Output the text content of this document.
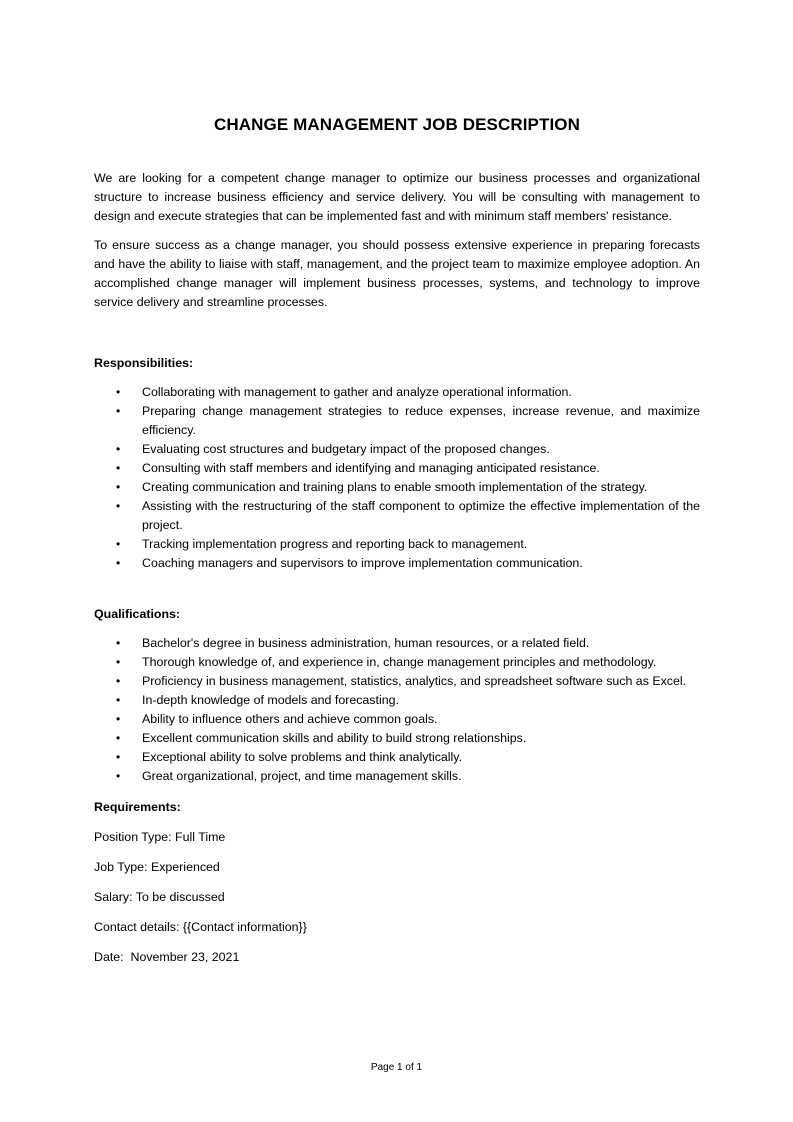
CHANGE MANAGEMENT JOB DESCRIPTION

We are looking for a competent change manager to optimize our business processes and organizational structure to increase business efficiency and service delivery. You will be consulting with management to design and execute strategies that can be implemented fast and with minimum staff members' resistance.

To ensure success as a change manager, you should possess extensive experience in preparing forecasts and have the ability to liaise with staff, management, and the project team to maximize employee adoption. An accomplished change manager will implement business processes, systems, and technology to improve service delivery and streamline processes.

Responsibilities:
• Collaborating with management to gather and analyze operational information.
• Preparing change management strategies to reduce expenses, increase revenue, and maximize efficiency.
• Evaluating cost structures and budgetary impact of the proposed changes.
• Consulting with staff members and identifying and managing anticipated resistance.
• Creating communication and training plans to enable smooth implementation of the strategy.
• Assisting with the restructuring of the staff component to optimize the effective implementation of the project.
• Tracking implementation progress and reporting back to management.
• Coaching managers and supervisors to improve implementation communication.
Qualifications:
• Bachelor's degree in business administration, human resources, or a related field.
• Thorough knowledge of, and experience in, change management principles and methodology.
• Proficiency in business management, statistics, analytics, and spreadsheet software such as Excel.
• In-depth knowledge of models and forecasting.
• Ability to influence others and achieve common goals.
• Excellent communication skills and ability to build strong relationships.
• Exceptional ability to solve problems and think analytically.
• Great organizational, project, and time management skills.
Requirements:

Position Type: Full Time

Job Type: Experienced

Salary: To be discussed

Contact details: {{Contact information}}

Date:  November 23, 2021

Page 1 of 1
